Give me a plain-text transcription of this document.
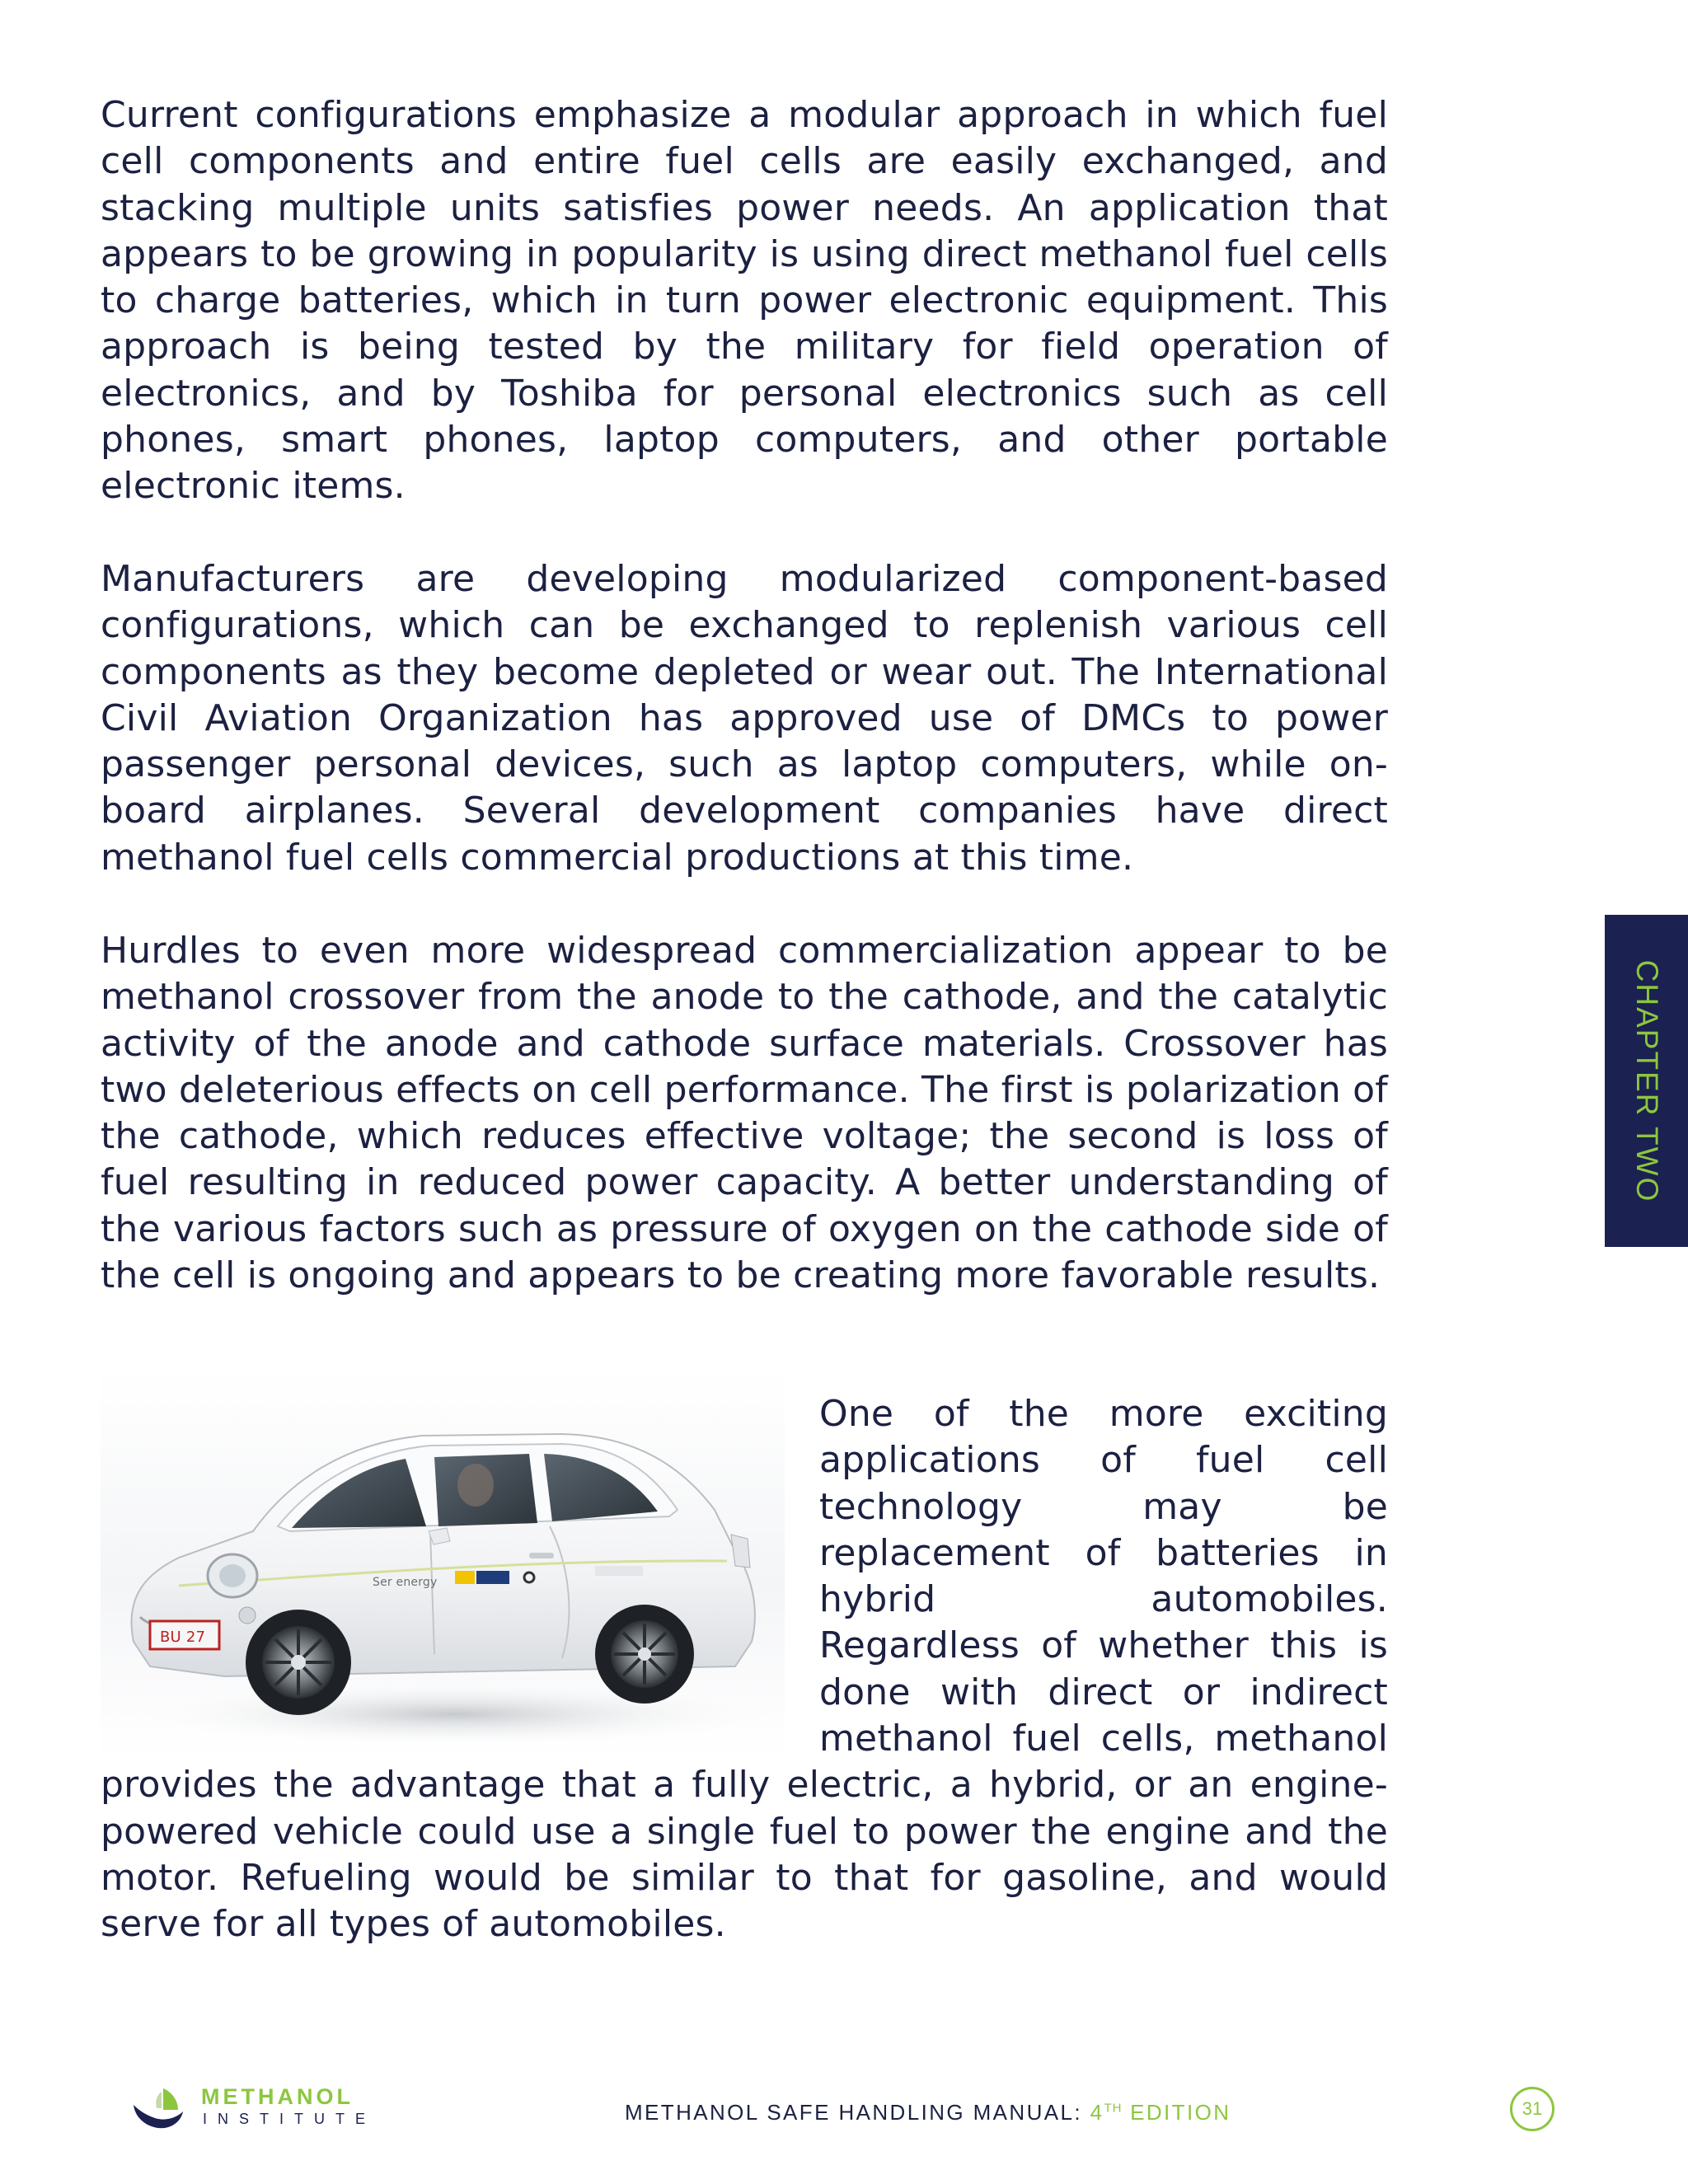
Current configurations emphasize a modular approach in which fuel cell components and entire fuel cells are easily exchanged, and stacking multiple units satisfies power needs. An application that appears to be growing in popularity is using direct methanol fuel cells to charge batteries, which in turn power electronic equipment. This approach is being tested by the military for field operation of electronics, and by Toshiba for personal electronics such as cell phones, smart phones, laptop computers, and other portable electronic items.

Manufacturers are developing modularized component-based configurations, which can be exchanged to replenish various cell components as they become depleted or wear out. The International Civil Aviation Organization has approved use of DMCs to power passenger personal devices, such as laptop computers, while on-board airplanes. Several development companies have direct methanol fuel cells commercial productions at this time.

Hurdles to even more widespread commercialization appear to be methanol crossover from the anode to the cathode, and the catalytic activity of the anode and cathode surface materials. Crossover has two deleterious effects on cell performance. The first is polarization of the cathode, which reduces effective voltage; the second is loss of fuel resulting in reduced power capacity. A better understanding of the various factors such as pressure of oxygen on the cathode side of the cell is ongoing and appears to be creating more favorable results.

Ser energy
BU 27
One of the more exciting applications of fuel cell technology may be replacement of batteries in hybrid automobiles. Regardless of whether this is done with direct or indirect methanol fuel cells, methanol provides the advantage that a fully electric, a hybrid, or an engine-powered vehicle could use a single fuel to power the engine and the motor. Refueling would be similar to that for gasoline, and would serve for all types of automobiles.
CHAPTER TWO
METHANOL
INSTITUTE	METHANOL SAFE HANDLING MANUAL: 4TH EDITION	31
